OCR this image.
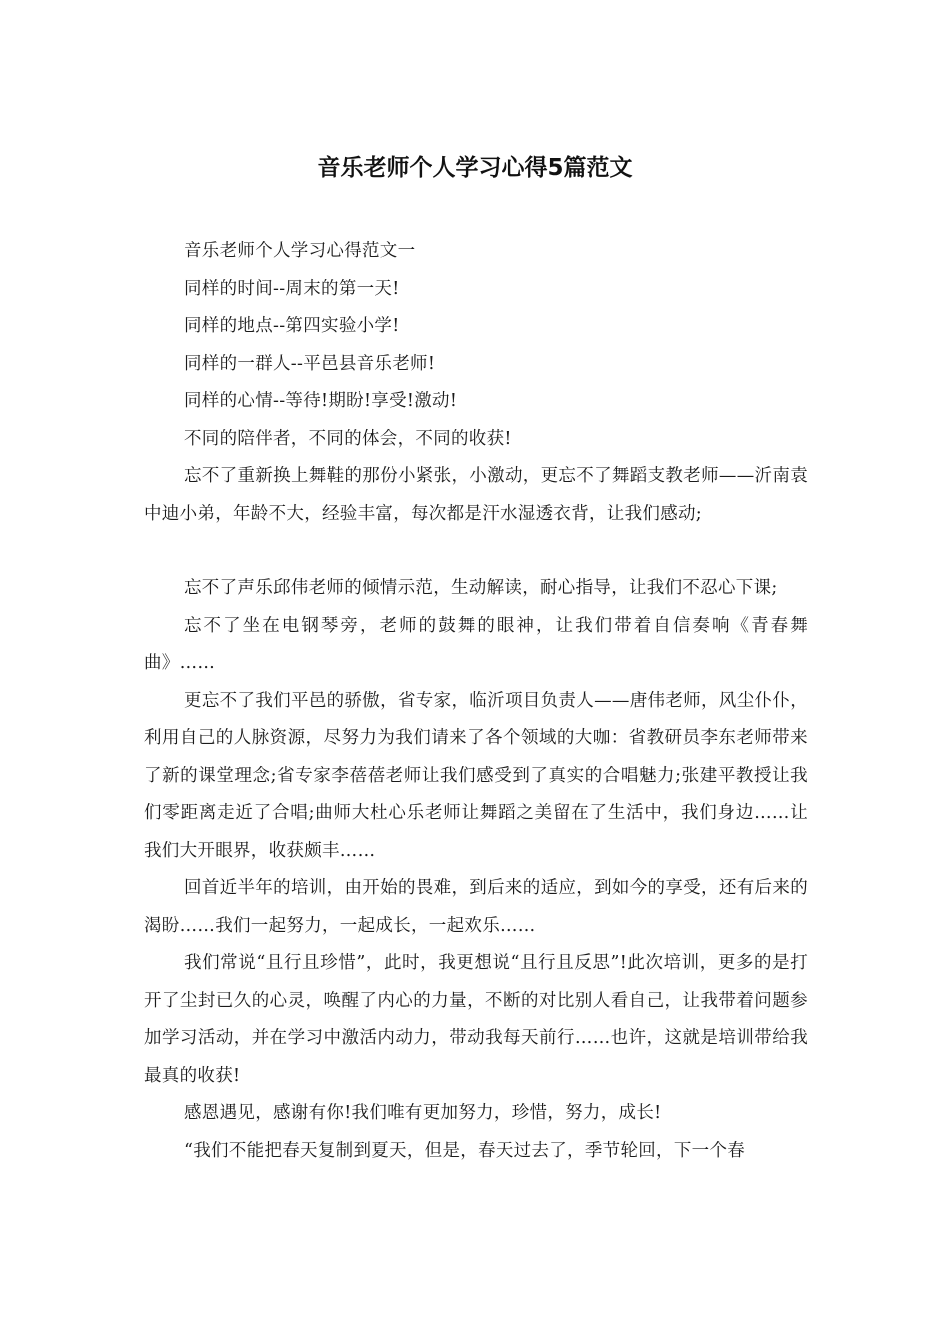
音乐老师个人学习心得5篇范文

音乐老师个人学习心得范文一

同样的时间--周末的第一天!

同样的地点--第四实验小学!

同样的一群人--平邑县音乐老师!

同样的心情--等待!期盼!享受!激动!

不同的陪伴者，不同的体会，不同的收获!

忘不了重新换上舞鞋的那份小紧张，小激动，更忘不了舞蹈支教老师——沂南袁中迪小弟，年龄不大，经验丰富，每次都是汗水湿透衣背，让我们感动;

忘不了声乐邱伟老师的倾情示范，生动解读，耐心指导，让我们不忍心下课;

忘不了坐在电钢琴旁，老师的鼓舞的眼神，让我们带着自信奏响《青春舞曲》……

更忘不了我们平邑的骄傲，省专家，临沂项目负责人——唐伟老师，风尘仆仆，利用自己的人脉资源，尽努力为我们请来了各个领域的大咖：省教研员李东老师带来了新的课堂理念;省专家李蓓蓓老师让我们感受到了真实的合唱魅力;张建平教授让我们零距离走近了合唱;曲师大杜心乐老师让舞蹈之美留在了生活中，我们身边……让我们大开眼界，收获颇丰……

回首近半年的培训，由开始的畏难，到后来的适应，到如今的享受，还有后来的渴盼……我们一起努力，一起成长，一起欢乐……

我们常说“且行且珍惜”，此时，我更想说“且行且反思”!此次培训，更多的是打开了尘封已久的心灵，唤醒了内心的力量，不断的对比别人看自己，让我带着问题参加学习活动，并在学习中激活内动力，带动我每天前行……也许，这就是培训带给我最真的收获!

感恩遇见，感谢有你!我们唯有更加努力，珍惜，努力，成长!

“我们不能把春天复制到夏天，但是，春天过去了，季节轮回，下一个春
